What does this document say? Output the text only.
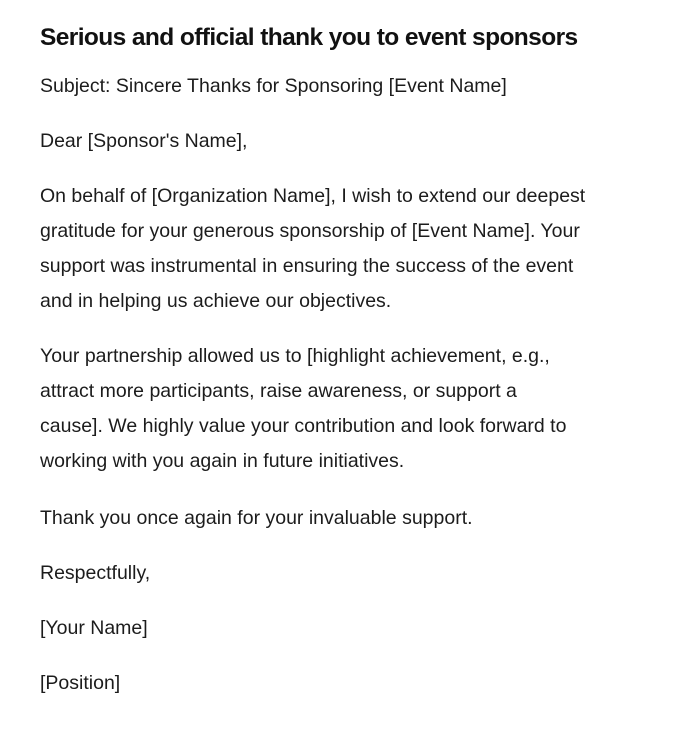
Serious and official thank you to event sponsors

Subject: Sincere Thanks for Sponsoring [Event Name]

Dear [Sponsor's Name],

On behalf of [Organization Name], I wish to extend our deepest

gratitude for your generous sponsorship of [Event Name]. Your

support was instrumental in ensuring the success of the event

and in helping us achieve our objectives.

Your partnership allowed us to [highlight achievement, e.g.,

attract more participants, raise awareness, or support a

cause]. We highly value your contribution and look forward to

working with you again in future initiatives.

Thank you once again for your invaluable support.

Respectfully,

[Your Name]

[Position]
